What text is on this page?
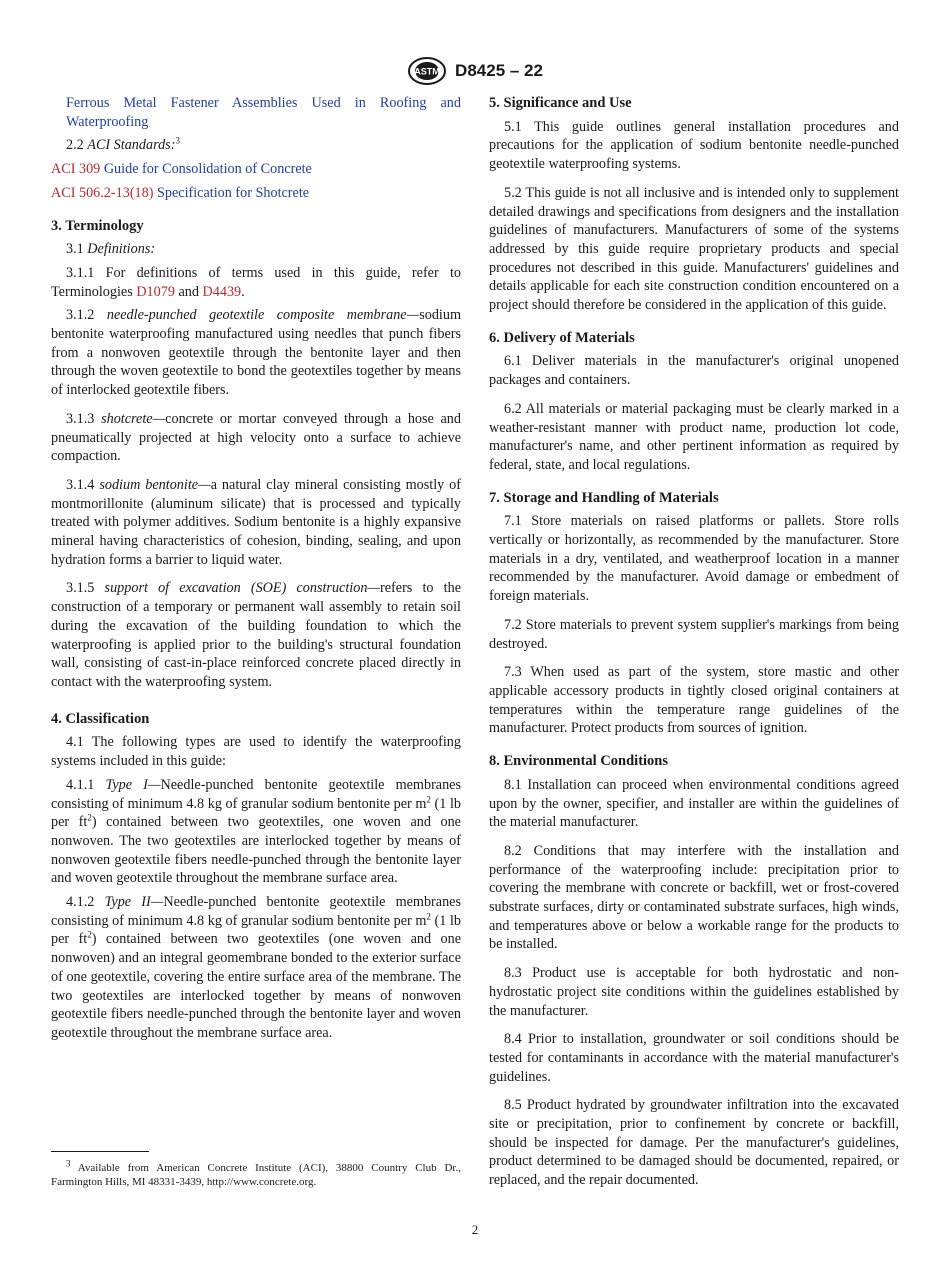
ASTM D8425 – 22

Ferrous Metal Fastener Assemblies Used in Roofing and Waterproofing

2.2 ACI Standards:$^3$

ACI 309 Guide for Consolidation of Concrete

ACI 506.2-13(18) Specification for Shotcrete

3. Terminology

3.1 Definitions:

3.1.1 For definitions of terms used in this guide, refer to Terminologies D1079 and D4439.

3.1.2 needle-punched geotextile composite membrane—sodium bentonite waterproofing manufactured using needles that punch fibers from a nonwoven geotextile through the bentonite layer and then through the woven geotextile to bond the geotextiles together by means of interlocked geotextile fibers.

3.1.3 shotcrete—concrete or mortar conveyed through a hose and pneumatically projected at high velocity onto a surface to achieve compaction.

3.1.4 sodium bentonite—a natural clay mineral consisting mostly of montmorillonite (aluminum silicate) that is processed and typically treated with polymer additives. Sodium bentonite is a highly expansive mineral having characteristics of cohesion, binding, sealing, and upon hydration forms a barrier to liquid water.

3.1.5 support of excavation (SOE) construction—refers to the construction of a temporary or permanent wall assembly to retain soil during the excavation of the building foundation to which the waterproofing is applied prior to the building's structural foundation wall, consisting of cast-in-place reinforced concrete placed directly in contact with the waterproofing system.

4. Classification

4.1 The following types are used to identify the waterproofing systems included in this guide:

4.1.1 Type I—Needle-punched bentonite geotextile membranes consisting of minimum 4.8 kg of granular sodium bentonite per $m^2$ (1 lb per $ft^2$) contained between two geotextiles, one woven and one nonwoven. The two geotextiles are interlocked together by means of nonwoven geotextile fibers needle-punched through the bentonite layer and woven geotextile throughout the membrane surface area.

4.1.2 Type II—Needle-punched bentonite geotextile membranes consisting of minimum 4.8 kg of granular sodium bentonite per $m^2$ (1 lb per $ft^2$) contained between two geotextiles (one woven and one nonwoven) and an integral geomembrane bonded to the exterior surface of one geotextile, covering the entire surface area of the membrane. The two geotextiles are interlocked together by means of nonwoven geotextile fibers needle-punched through the bentonite layer and woven geotextile throughout the membrane surface area.

$^3$ Available from American Concrete Institute (ACI), 38800 Country Club Dr., Farmington Hills, MI 48331-3439, http://www.concrete.org.
5. Significance and Use

5.1 This guide outlines general installation procedures and precautions for the application of sodium bentonite needle-punched geotextile waterproofing systems.

5.2 This guide is not all inclusive and is intended only to supplement detailed drawings and specifications from designers and the installation guidelines of manufacturers. Manufacturers of some of the systems addressed by this guide require proprietary products and special procedures not described in this guide. Manufacturers' guidelines and details applicable for each site construction condition encountered on a project should therefore be considered in the application of this guide.

6. Delivery of Materials

6.1 Deliver materials in the manufacturer's original unopened packages and containers.

6.2 All materials or material packaging must be clearly marked in a weather-resistant manner with product name, production lot code, manufacturer's name, and other pertinent information as required by federal, state, and local regulations.

7. Storage and Handling of Materials

7.1 Store materials on raised platforms or pallets. Store rolls vertically or horizontally, as recommended by the manufacturer. Store materials in a dry, ventilated, and weatherproof location in a manner recommended by the manufacturer. Avoid damage or embedment of foreign materials.

7.2 Store materials to prevent system supplier's markings from being destroyed.

7.3 When used as part of the system, store mastic and other applicable accessory products in tightly closed original containers at temperatures within the temperature range guidelines of the manufacturer. Protect products from sources of ignition.

8. Environmental Conditions

8.1 Installation can proceed when environmental conditions agreed upon by the owner, specifier, and installer are within the guidelines of the material manufacturer.

8.2 Conditions that may interfere with the installation and performance of the waterproofing include: precipitation prior to covering the membrane with concrete or backfill, wet or frost-covered substrate surfaces, dirty or contaminated substrate surfaces, high winds, and temperatures above or below a workable range for the products to be installed.

8.3 Product use is acceptable for both hydrostatic and non-hydrostatic project site conditions within the guidelines established by the manufacturer.

8.4 Prior to installation, groundwater or soil conditions should be tested for contaminants in accordance with the material manufacturer's guidelines.

8.5 Product hydrated by groundwater infiltration into the excavated site or precipitation, prior to confinement by concrete or backfill, should be inspected for damage. Per the manufacturer's guidelines, product determined to be damaged should be documented, repaired, or replaced, and the repair documented.

2
